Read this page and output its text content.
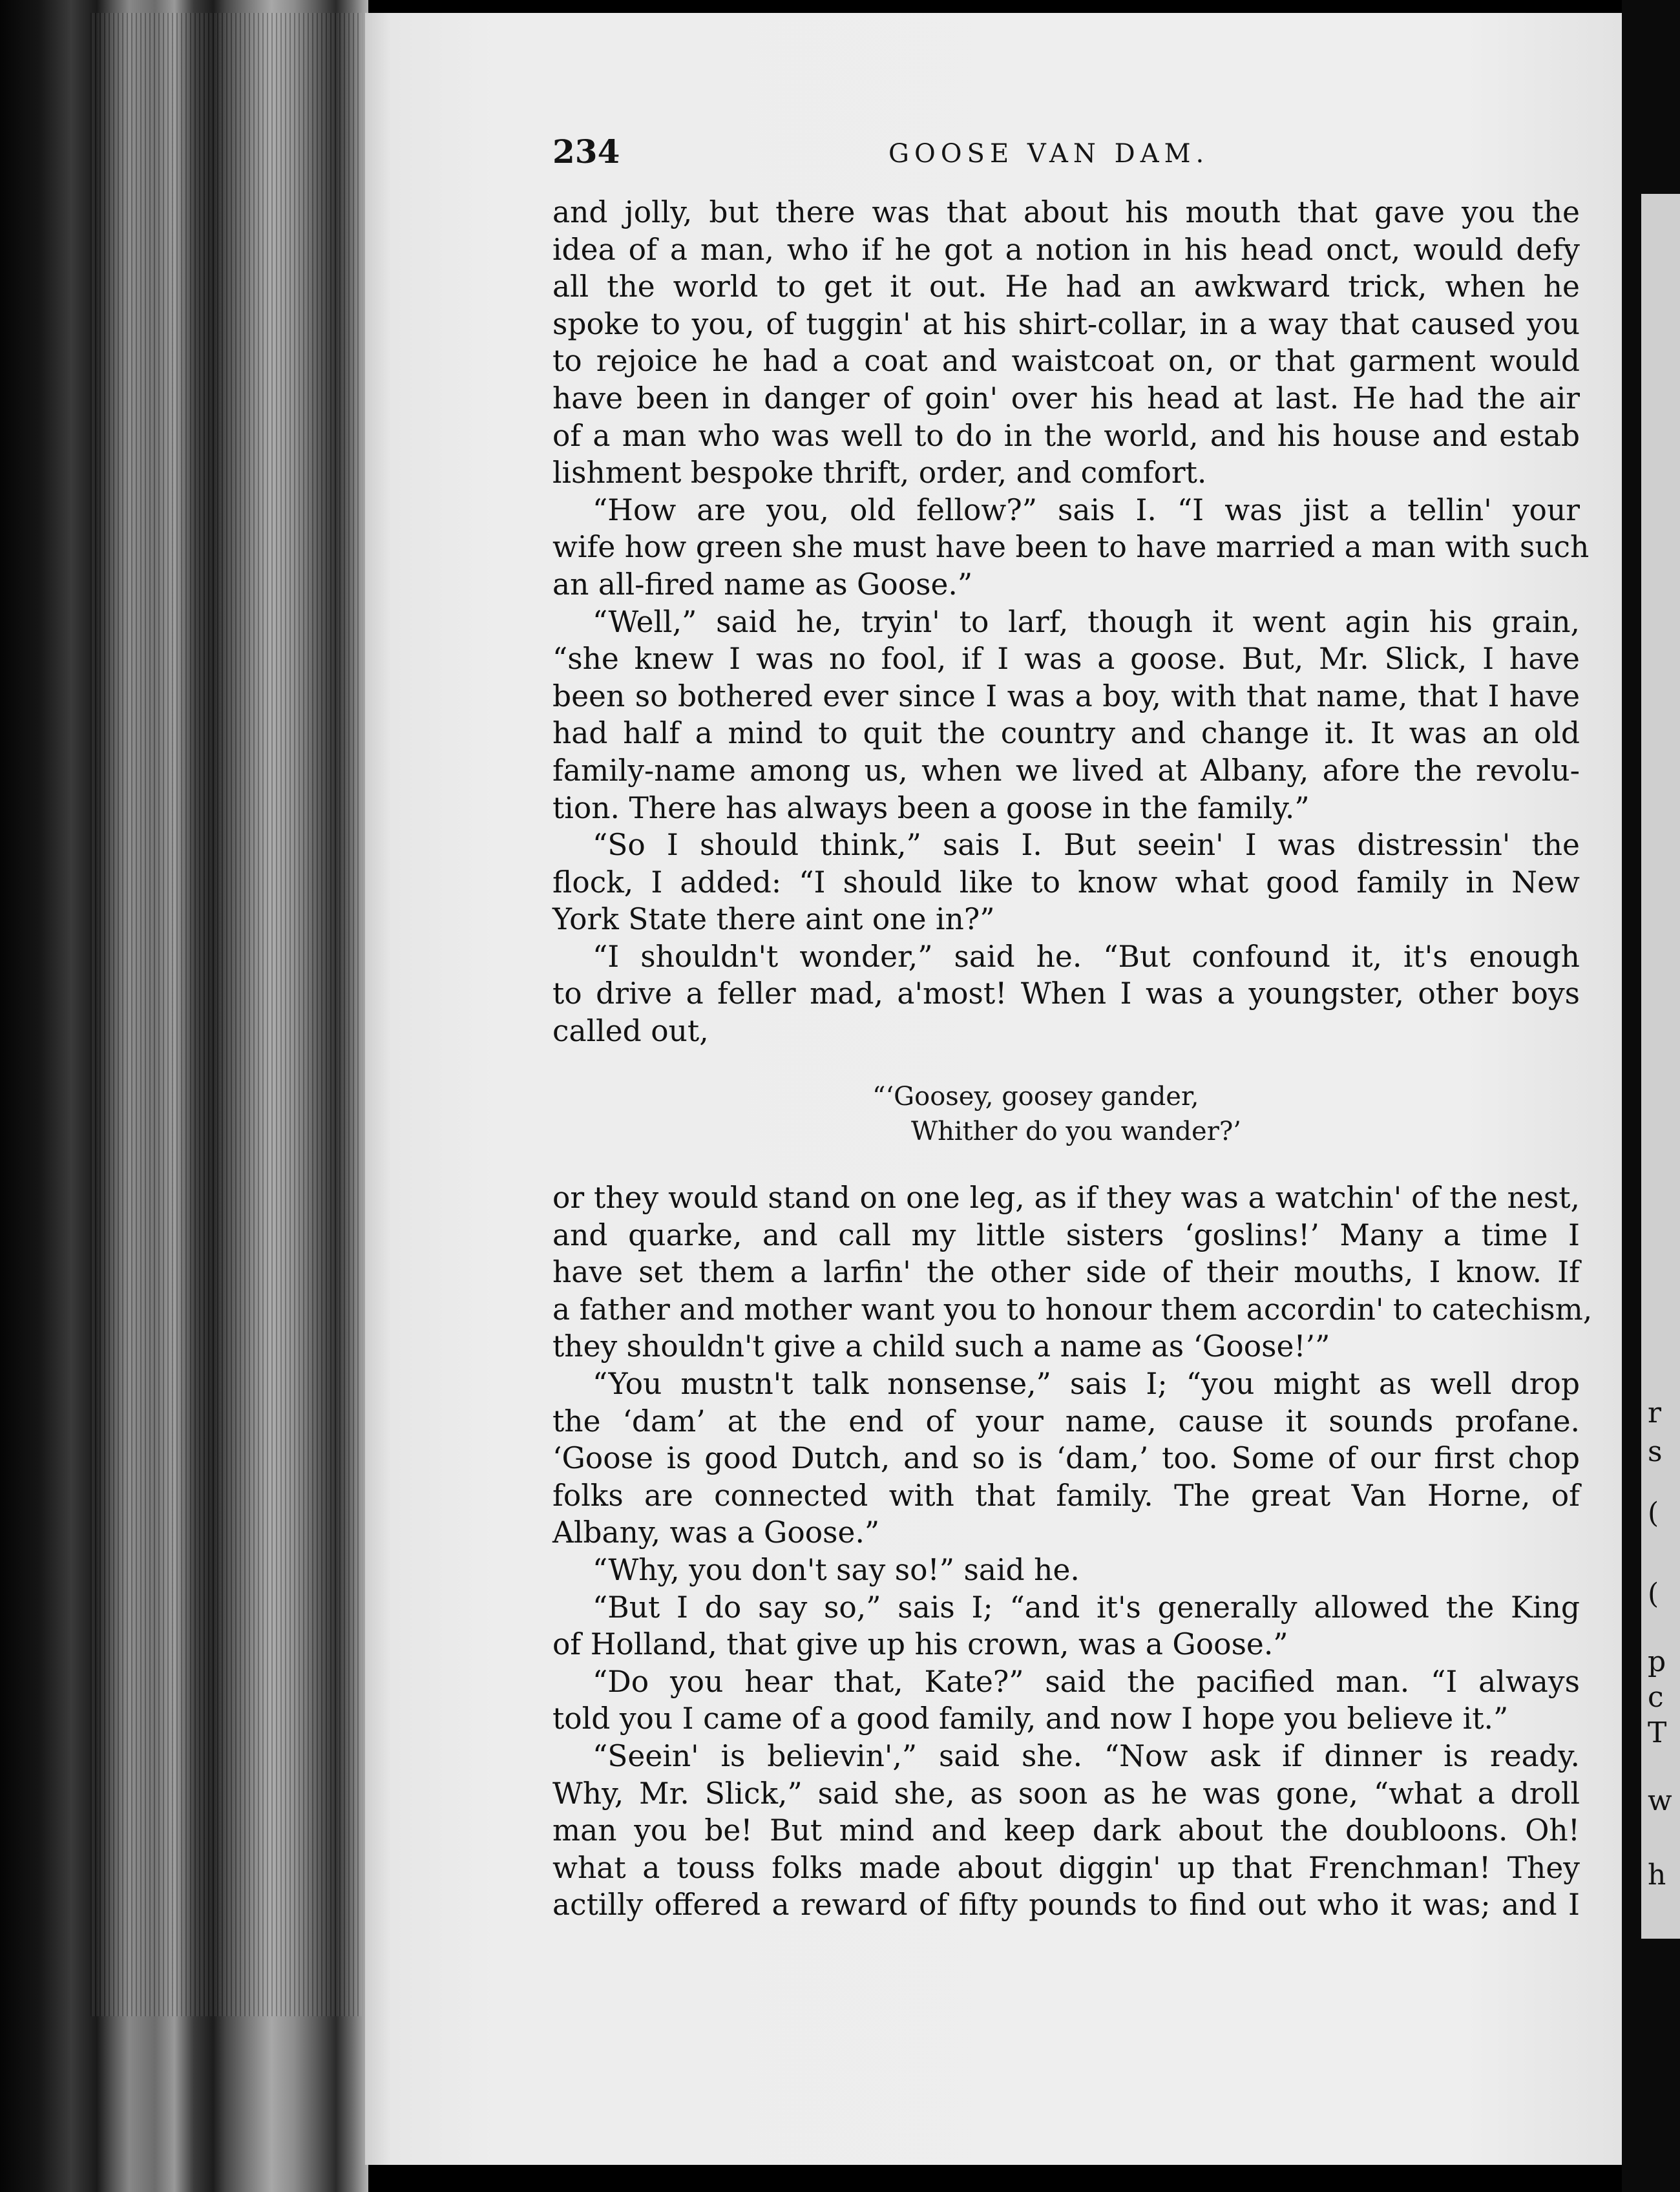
r
s
(
(
p
c
T
w
h
234	GOOSE VAN DAM.
and jolly, but there was that about his mouth that gave you the
idea of a man, who if he got a notion in his head onct, would defy
all the world to get it out. He had an awkward trick, when he
spoke to you, of tuggin' at his shirt-collar, in a way that caused you
to rejoice he had a coat and waistcoat on, or that garment would
have been in danger of goin' over his head at last. He had the air
of a man who was well to do in the world, and his house and estab
lishment bespoke thrift, order, and comfort.
“How are you, old fellow?” sais I. “I was jist a tellin' your
wife how green she must have been to have married a man with such
an all-fired name as Goose.”
“Well,” said he, tryin' to larf, though it went agin his grain,
“she knew I was no fool, if I was a goose. But, Mr. Slick, I have
been so bothered ever since I was a boy, with that name, that I have
had half a mind to quit the country and change it. It was an old
family-name among us, when we lived at Albany, afore the revolu-
tion. There has always been a goose in the family.”
“So I should think,” sais I. But seein' I was distressin' the
flock, I added: “I should like to know what good family in New
York State there aint one in?”
“I shouldn't wonder,” said he. “But confound it, it's enough
to drive a feller mad, a'most! When I was a youngster, other boys
called out,
“‘Goosey, goosey gander,
Whither do you wander?’
or they would stand on one leg, as if they was a watchin' of the nest,
and quarke, and call my little sisters ‘goslins!’ Many a time I
have set them a larfin' the other side of their mouths, I know. If
a father and mother want you to honour them accordin' to catechism,
they shouldn't give a child such a name as ‘Goose!’”
“You mustn't talk nonsense,” sais I; “you might as well drop
the ‘dam’ at the end of your name, cause it sounds profane.
‘Goose is good Dutch, and so is ‘dam,’ too. Some of our first chop
folks are connected with that family. The great Van Horne, of
Albany, was a Goose.”
“Why, you don't say so!” said he.
“But I do say so,” sais I; “and it's generally allowed the King
of Holland, that give up his crown, was a Goose.”
“Do you hear that, Kate?” said the pacified man. “I always
told you I came of a good family, and now I hope you believe it.”
“Seein' is believin',” said she. “Now ask if dinner is ready.
Why, Mr. Slick,” said she, as soon as he was gone, “what a droll
man you be! But mind and keep dark about the doubloons. Oh!
what a touss folks made about diggin' up that Frenchman! They
actilly offered a reward of fifty pounds to find out who it was; and I
